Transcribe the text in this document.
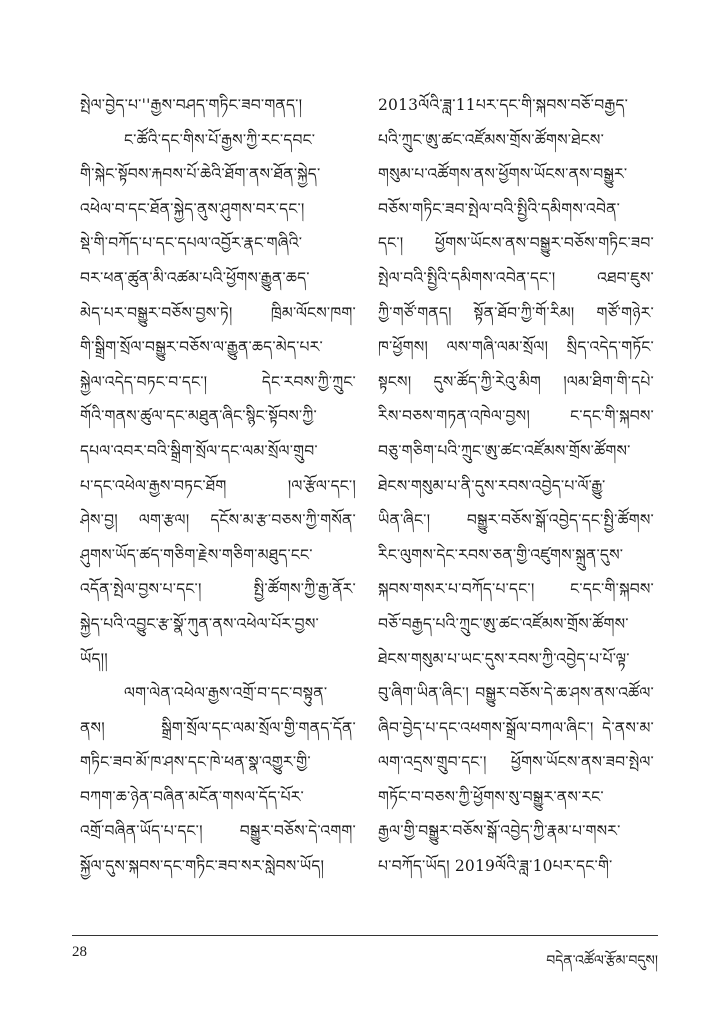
སྤེལ་བྱེད་པ་''རྒྱས་བཤད་གཏིང་ཟབ་གནད་།
ང་ཚོའི་དང་གིས་པོ་རྒྱས་ཀྱི་རང་དབང་
གི་སྐེང་སྟོབས་རྐབས་པོ་ཆེའི་ཐོག་ནས་ཐོན་སྐྱེད་
འཕེལ་བ་དང་ཐོན་སྐྱེད་ནུས་ཤུགས་བར་དང་།
སྡེ་གི་བཀོད་པ་དང་དཔལ་འབྱོར་རྣང་གཞིའི་
བར་ཕན་ཚུན་མི་འཚམ་པའི་ཕྱོགས་རྒྱུན་ཆད་
མེད་པར་བསྒྱུར་བཅོས་བྱས་ཏེ། ཁྲིམ་ལོངས་ཁག་
གི་སྒྲིག་སྲོལ་བསྒྱུར་བཅོས་ལ་རྒྱུན་ཆད་མེད་པར་
སྐྱེལ་འདེད་བཏང་བ་དང་། དེང་རབས་ཀྱི་ཀྲུང་
གོའི་གནས་ཚུལ་དང་མཐུན་ཞིང་སྙིང་སྟོབས་ཀྱི་
དཔལ་འབར་བའི་སྒྲིག་སྲོལ་དང་ལམ་སྲོལ་གྲུབ་
པ་དང་འཕེལ་རྒྱས་བཏང་ཐོག །ལ་རྩོལ་དང་།
ཤེས་བྱ། ལག་རྩལ། དངོས་མ་རྩ་བཅས་ཀྱི་གསོན་
ཤུགས་ཡོད་ཚད་གཅིག་རྗེས་གཅིག་མཐུད་ངང་
འདོན་སྤེལ་བྱས་པ་དང་། སྤྱི་ཚོགས་ཀྱི་རྒྱ་ནོར་
སྐྱེད་པའི་འབྱུང་རྩ་སྣོ་ཀུན་ནས་འཕེལ་པོར་བྱས་
ཡོད།།
ལག་ལེན་འཕེལ་རྒྱས་འགྲོ་བ་དང་བསྟུན་
ནས། སྒྲིག་སྲོལ་དང་ལམ་སྲོལ་གྱི་གནད་དོན་
གཏིང་ཟབ་མོ་ཁ་ཤས་དང་ཁེ་ཕན་སྣ་འགྱུར་གྱི་
བཀག་ཆ་ཉེན་བཞིན་མངོན་གསལ་དོད་པོར་
འགྲོ་བཞིན་ཡོད་པ་དང་། བསྒྱུར་བཅོས་དེ་འགག་
སྐྱོལ་དུས་སྐབས་དང་གཏིང་ཟབ་སར་སླེབས་ཡོད།
2013ལོའི་ཟླ་11པར་དང་གི་སྐབས་བཅོ་བརྒྱད་
པའི་ཀྲུང་ཨུ་ཚང་འཛོམས་གྲོས་ཚོགས་ཐེངས་
གསུམ་པ་འཚོགས་ནས་ཕྱོགས་ཡོངས་ནས་བསྒྱུར་
བཅོས་གཏིང་ཟབ་སྤེལ་བའི་སྤྱིའི་དམིགས་འབེན་
དང་། ཕྱོགས་ཡོངས་ནས་བསྒྱུར་བཅོས་གཏིང་ཟབ་
སྤེལ་བའི་སྤྱིའི་དམིགས་འབེན་དང་། འཐབ་ཇུས་
ཀྱི་གཙོ་གནད། སྟོན་ཐོབ་ཀྱི་གོ་རིམ། གཙོ་གཉེར་
ཁ་ཕྱོགས། ལས་གཞི་ལམ་སྲོལ། སྲིད་འདེད་གཏོང་
སྟངས། དུས་ཚོད་ཀྱི་རེའུ་མིག །ལམ་ཐིག་གི་དཔེ་
རིས་བཅས་གཏན་འཁེལ་བྱས། ང་དང་གི་སྐབས་
བཅུ་གཅིག་པའི་ཀྲུང་ཨུ་ཚང་འཛོམས་གྲོས་ཚོགས་
ཐེངས་གསུམ་པ་ནི་དུས་རབས་འབྱེད་པ་ལོ་རྒྱུ་
ཡིན་ཞིང་། བསྒྱུར་བཅོས་སྒོ་འབྱེད་དང་སྤྱི་ཚོགས་
རིང་ལུགས་དེང་རབས་ཅན་གྱི་འཛུགས་སྐྲུན་དུས་
སྐབས་གསར་པ་བཀོད་པ་དང་། ང་དང་གི་སྐབས་
བཅོ་བརྒྱད་པའི་ཀྲུང་ཨུ་ཚང་འཛོམས་གྲོས་ཚོགས་
ཐེངས་གསུམ་པ་ཡང་དུས་རབས་ཀྱི་འབྱེད་པ་པོ་ལྟ་
བུ་ཞིག་ཡིན་ཞིང་། བསྒྱུར་བཅོས་དེ་ཆ་ཤས་ནས་འཚོལ་
ཞིབ་བྱེད་པ་དང་འཕགས་སྒྲོལ་བཀལ་ཞིང་། དེ་ནས་མ་
ལག་འདྲས་གྲུབ་དང་། ཕྱོགས་ཡོངས་ནས་ཟབ་སྤེལ་
གཏོང་བ་བཅས་ཀྱི་ཕྱོགས་སུ་བསྒྱུར་ནས་རང་
རྒྱལ་གྱི་བསྒྱུར་བཅོས་སྒོ་འབྱེད་ཀྱི་རྣམ་པ་གསར་
པ་བཀོད་ཡོད། 2019ལོའི་ཟླ་10པར་དང་གི་
28
བདེན་འཚོལ་རྩོམ་བདུས།
